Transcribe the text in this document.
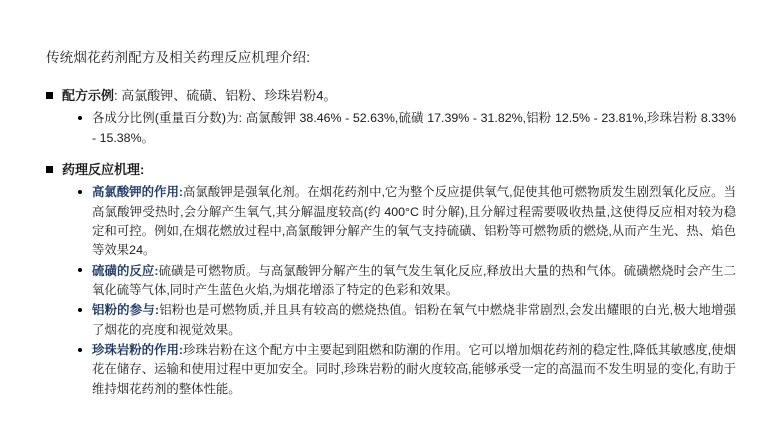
传统烟花药剂配方及相关药理反应机理介绍:
配方示例: 高氯酸钾、硫磺、铝粉、珍珠岩粉4。
各成分比例(重量百分数)为: 高氯酸钾 38.46% - 52.63%,硫磺 17.39% - 31.82%,铝粉 12.5% - 23.81%,珍珠岩粉 8.33% - 15.38%。
药理反应机理:
高氯酸钾的作用:高氯酸钾是强氧化剂。在烟花药剂中,它为整个反应提供氧气,促使其他可燃物质发生剧烈氧化反应。当高氯酸钾受热时,会分解产生氧气,其分解温度较高(约 400°C 时分解),且分解过程需要吸收热量,这使得反应相对较为稳定和可控。例如,在烟花燃放过程中,高氯酸钾分解产生的氧气支持硫磺、铝粉等可燃物质的燃烧,从而产生光、热、焰色等效果24。
硫磺的反应:硫磺是可燃物质。与高氯酸钾分解产生的氧气发生氧化反应,释放出大量的热和气体。硫磺燃烧时会产生二氧化硫等气体,同时产生蓝色火焰,为烟花增添了特定的色彩和效果。
铝粉的参与:铝粉也是可燃物质,并且具有较高的燃烧热值。铝粉在氧气中燃烧非常剧烈,会发出耀眼的白光,极大地增强了烟花的亮度和视觉效果。
珍珠岩粉的作用:珍珠岩粉在这个配方中主要起到阻燃和防潮的作用。它可以增加烟花药剂的稳定性,降低其敏感度,使烟花在储存、运输和使用过程中更加安全。同时,珍珠岩粉的耐火度较高,能够承受一定的高温而不发生明显的变化,有助于维持烟花药剂的整体性能。
